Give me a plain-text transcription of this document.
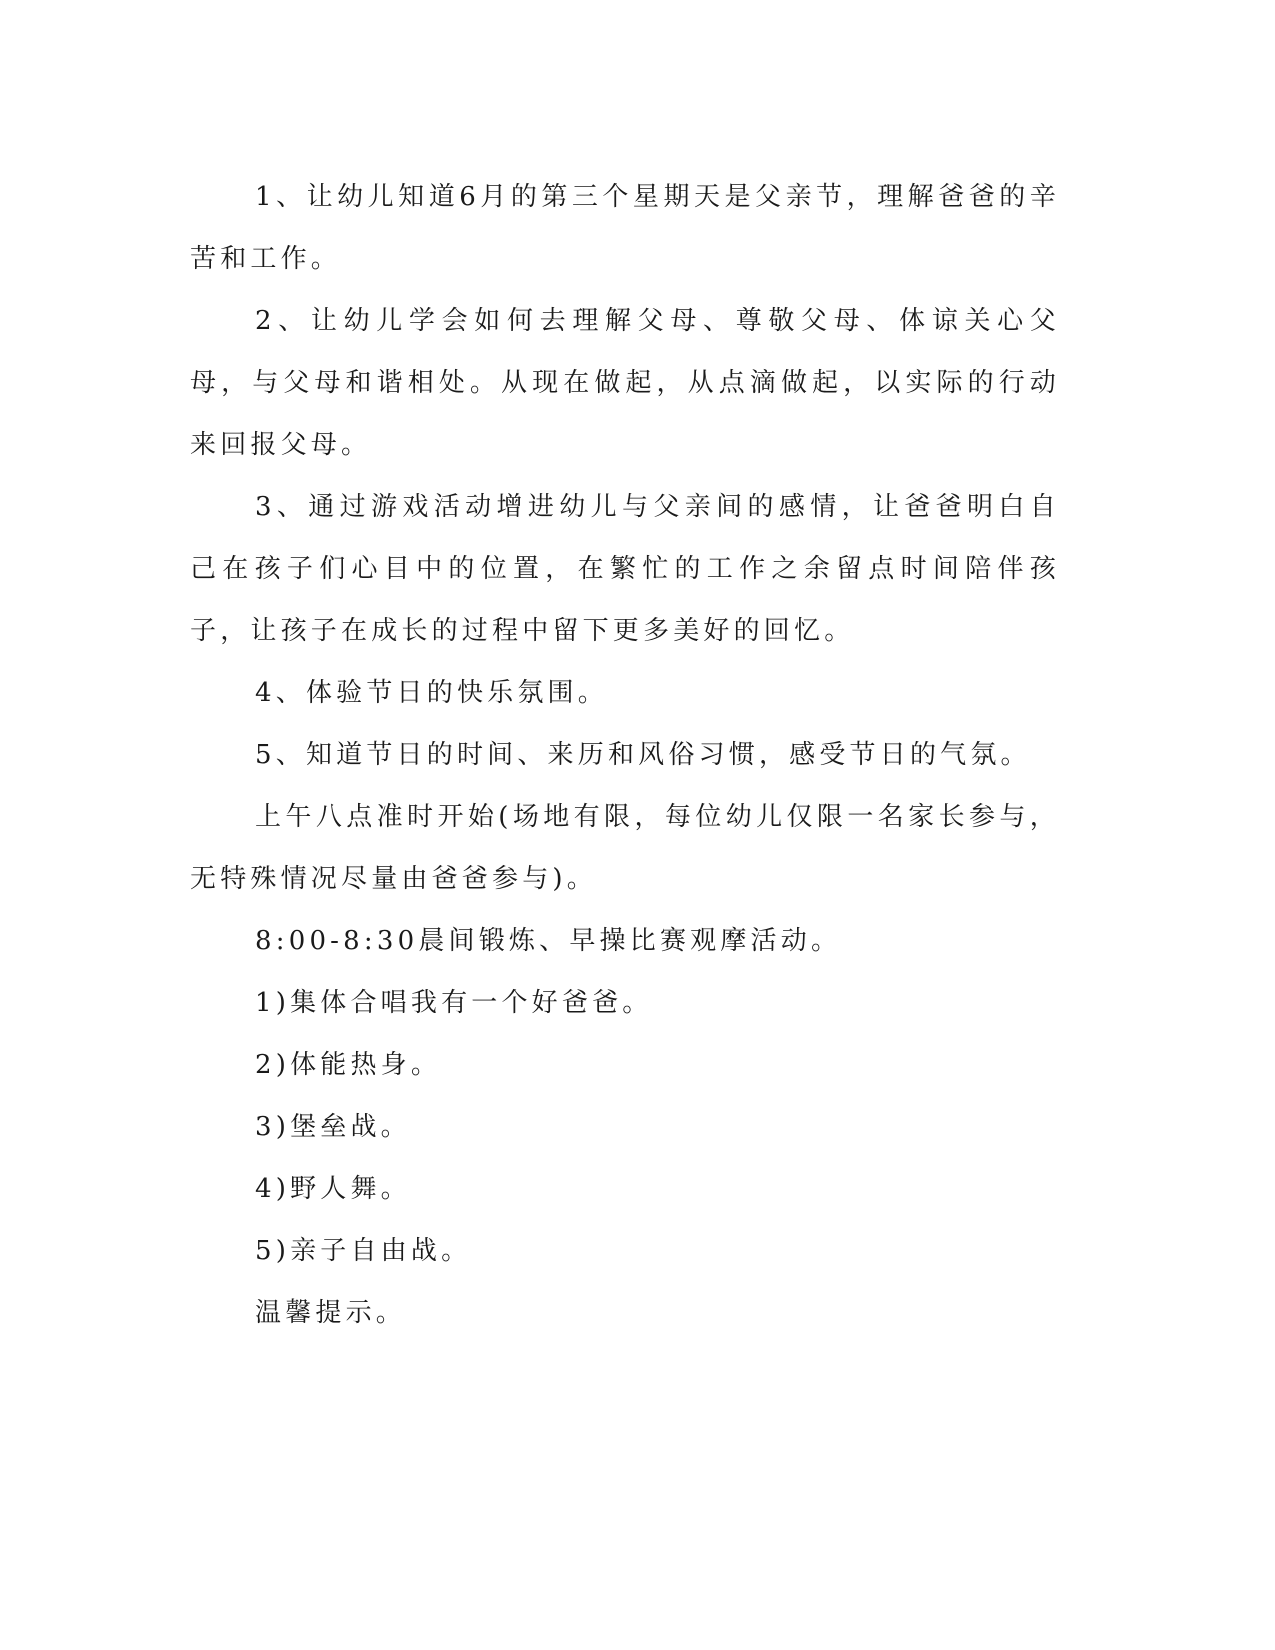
1、让幼儿知道6月的第三个星期天是父亲节，理解爸爸的辛苦和工作。

2、让幼儿学会如何去理解父母、尊敬父母、体谅关心父母，与父母和谐相处。从现在做起，从点滴做起，以实际的行动来回报父母。

3、通过游戏活动增进幼儿与父亲间的感情，让爸爸明白自己在孩子们心目中的位置，在繁忙的工作之余留点时间陪伴孩子，让孩子在成长的过程中留下更多美好的回忆。

4、体验节日的快乐氛围。

5、知道节日的时间、来历和风俗习惯，感受节日的气氛。

上午八点准时开始(场地有限，每位幼儿仅限一名家长参与，无特殊情况尽量由爸爸参与)。

8:00-8:30晨间锻炼、早操比赛观摩活动。

1)集体合唱我有一个好爸爸。

2)体能热身。

3)堡垒战。

4)野人舞。

5)亲子自由战。

温馨提示。
